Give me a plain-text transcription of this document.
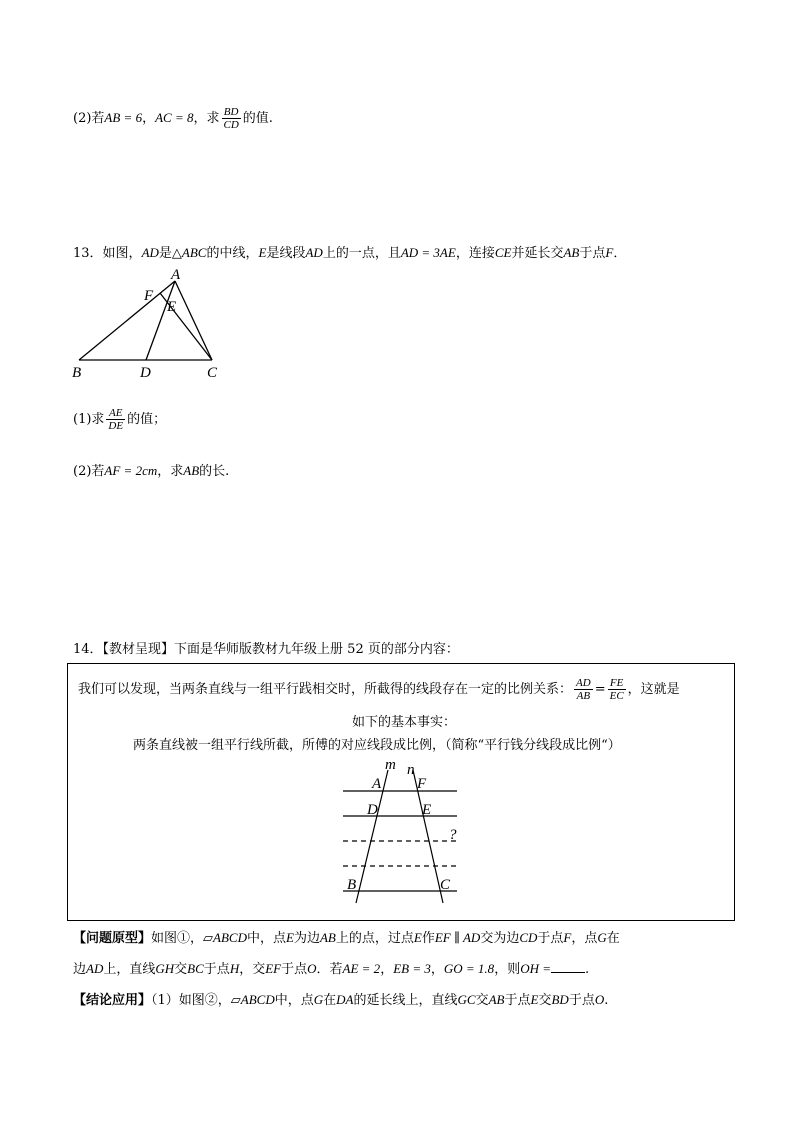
(2)若AB = 6，AC = 8，求 $\frac{BD}{CD}$ 的值.
13．如图，AD是△ABC的中线，E是线段AD上的一点，且AD = 3AE，连接CE并延长交AB于点F．
A
F
E
B	D	C
(1)求 $\frac{AE}{DE}$ 的值；
(2)若AF = 2cm，求AB的长.
14．【教材呈现】下面是华师版教材九年级上册 52 页的部分内容：
我们可以发现，当两条直线与一组平行践相交时，所截得的线段存在一定的比例关系： $\frac{AD}{AB} = \frac{FE}{EC}$ ，这就是
如下的基本事实：
两条直线被一组平行线所截，所傅的对应线段成比例，（简称“平行钱分线段成比例“）
m n
A F
D	E
?
B	C
【问题原型】如图①，▱ABCD中，点E为边AB上的点，过点E作EF ∥ AD交为边CD于点F，点G在
边AD上，直线GH交BC于点H，交EF于点O．若AE = 2，EB = 3，GO = 1.8，则OH =	.
【结论应用】（1）如图②，▱ABCD中，点G在DA的延长线上，直线GC交AB于点E交BD于点O.
